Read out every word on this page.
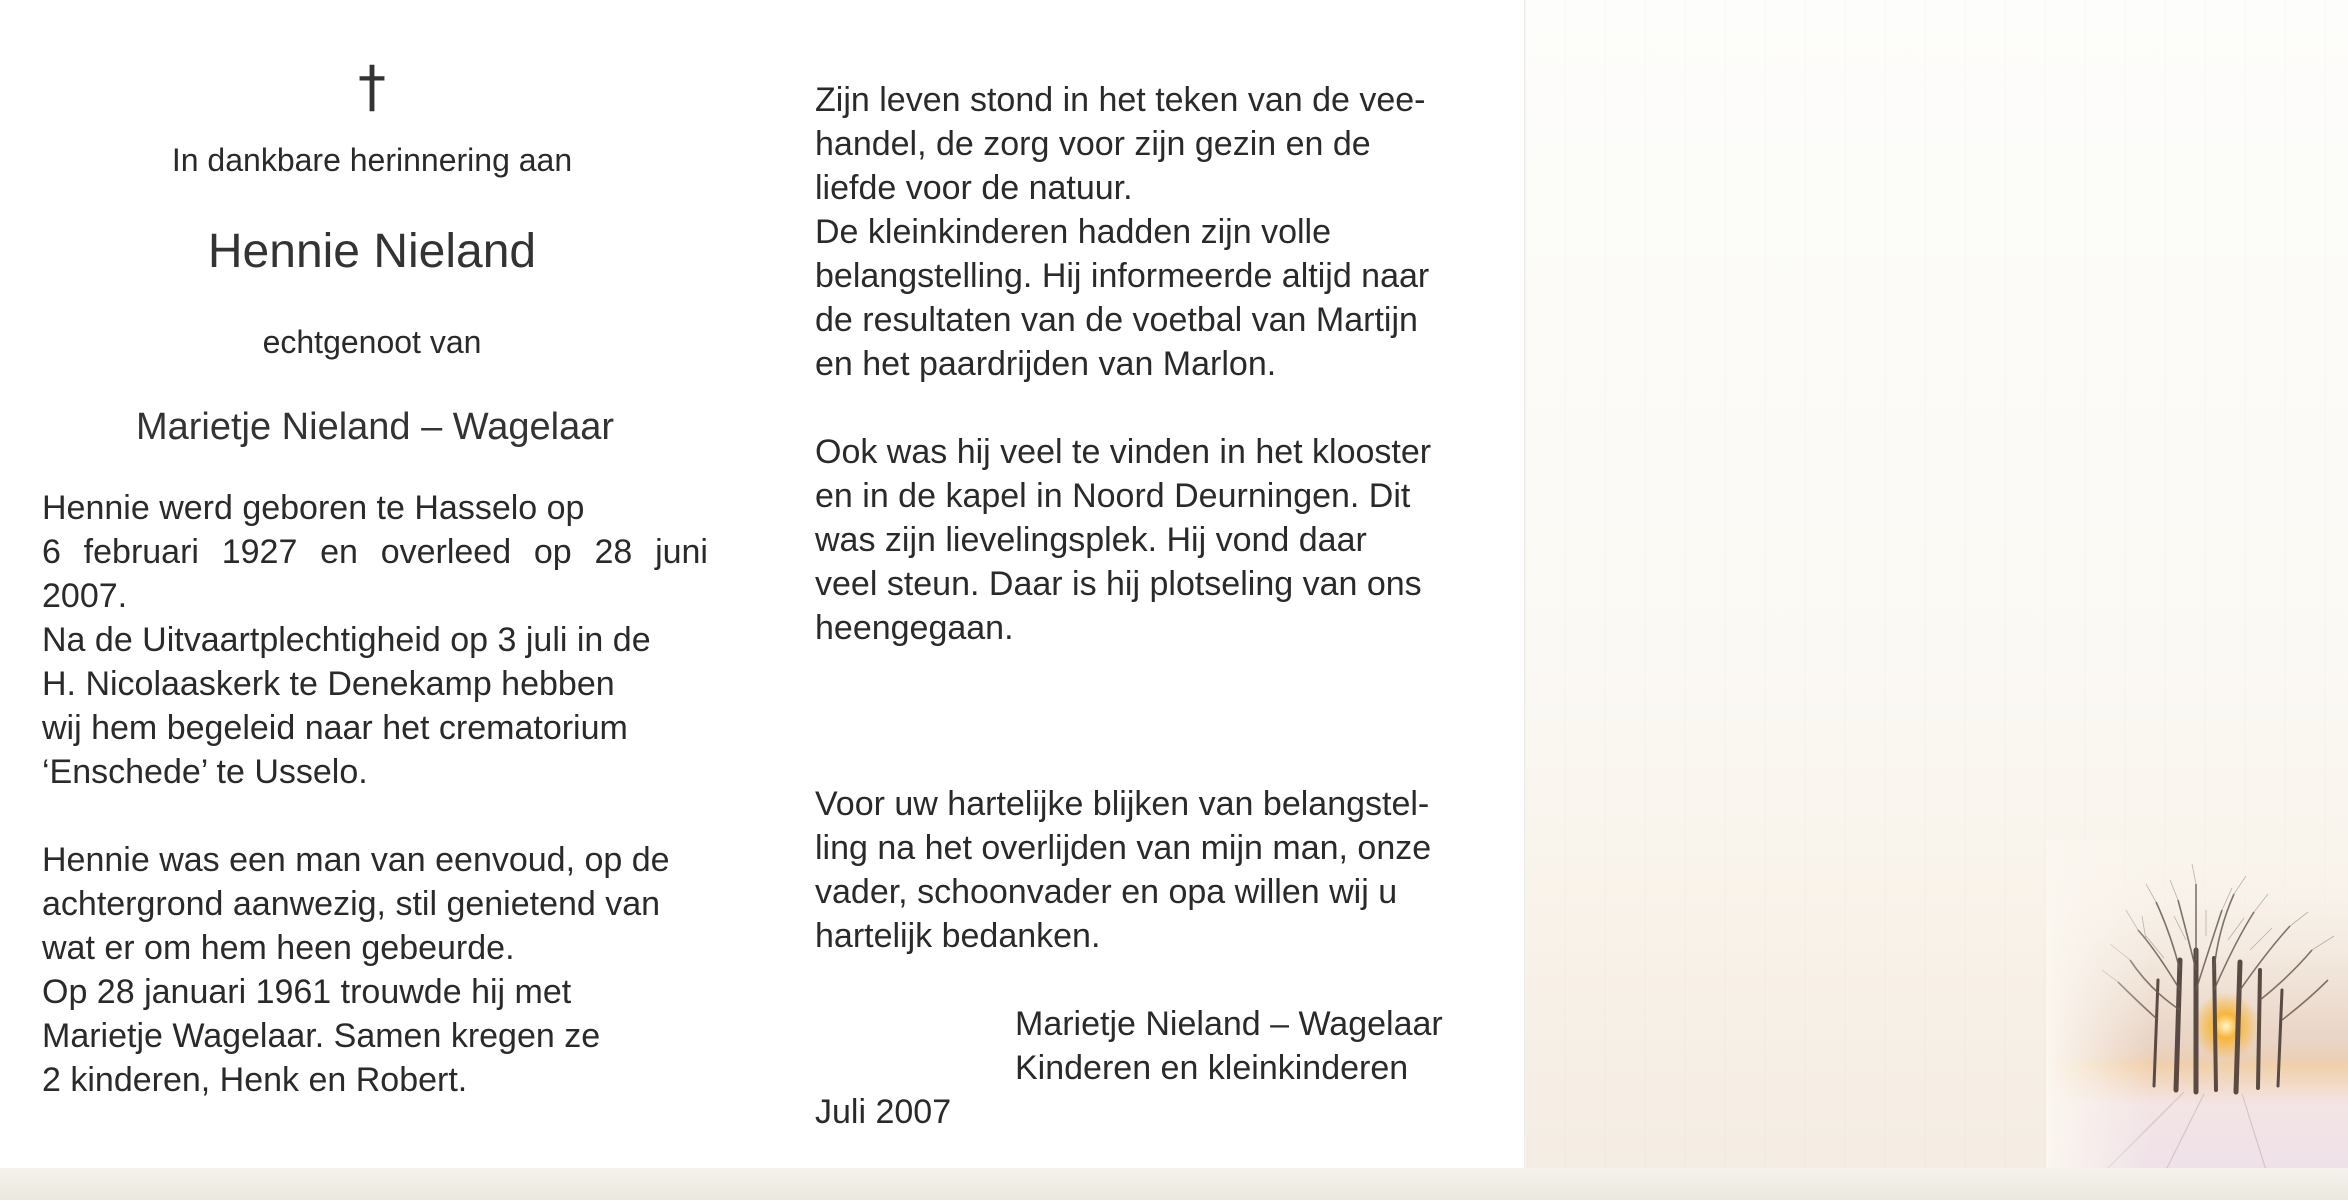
†
In dankbare herinnering aan
Hennie Nieland
echtgenoot van
Marietje Nieland – Wagelaar

Hennie werd geboren te Hasselo op

6 februari 1927 en overleed op 28 juni 2007.

Na de Uitvaartplechtigheid op 3 juli in de

H. Nicolaaskerk te Denekamp hebben

wij hem begeleid naar het crematorium

‘Enschede’ te Usselo.

Hennie was een man van eenvoud, op de

achtergrond aanwezig, stil genietend van

wat er om hem heen gebeurde.

Op 28 januari 1961 trouwde hij met

Marietje Wagelaar. Samen kregen ze

2 kinderen, Henk en Robert.

Zijn leven stond in het teken van de vee-

handel, de zorg voor zijn gezin en de

liefde voor de natuur.

De kleinkinderen hadden zijn volle

belangstelling. Hij informeerde altijd naar

de resultaten van de voetbal van Martijn

en het paardrijden van Marlon.

Ook was hij veel te vinden in het klooster

en in de kapel in Noord Deurningen. Dit

was zijn lievelingsplek. Hij vond daar

veel steun. Daar is hij plotseling van ons

heengegaan.

Voor uw hartelijke blijken van belangstel-

ling na het overlijden van mijn man, onze

vader, schoonvader en opa willen wij u

hartelijk bedanken.

Marietje Nieland – Wagelaar
Kinderen en kleinkinderen
Juli 2007
